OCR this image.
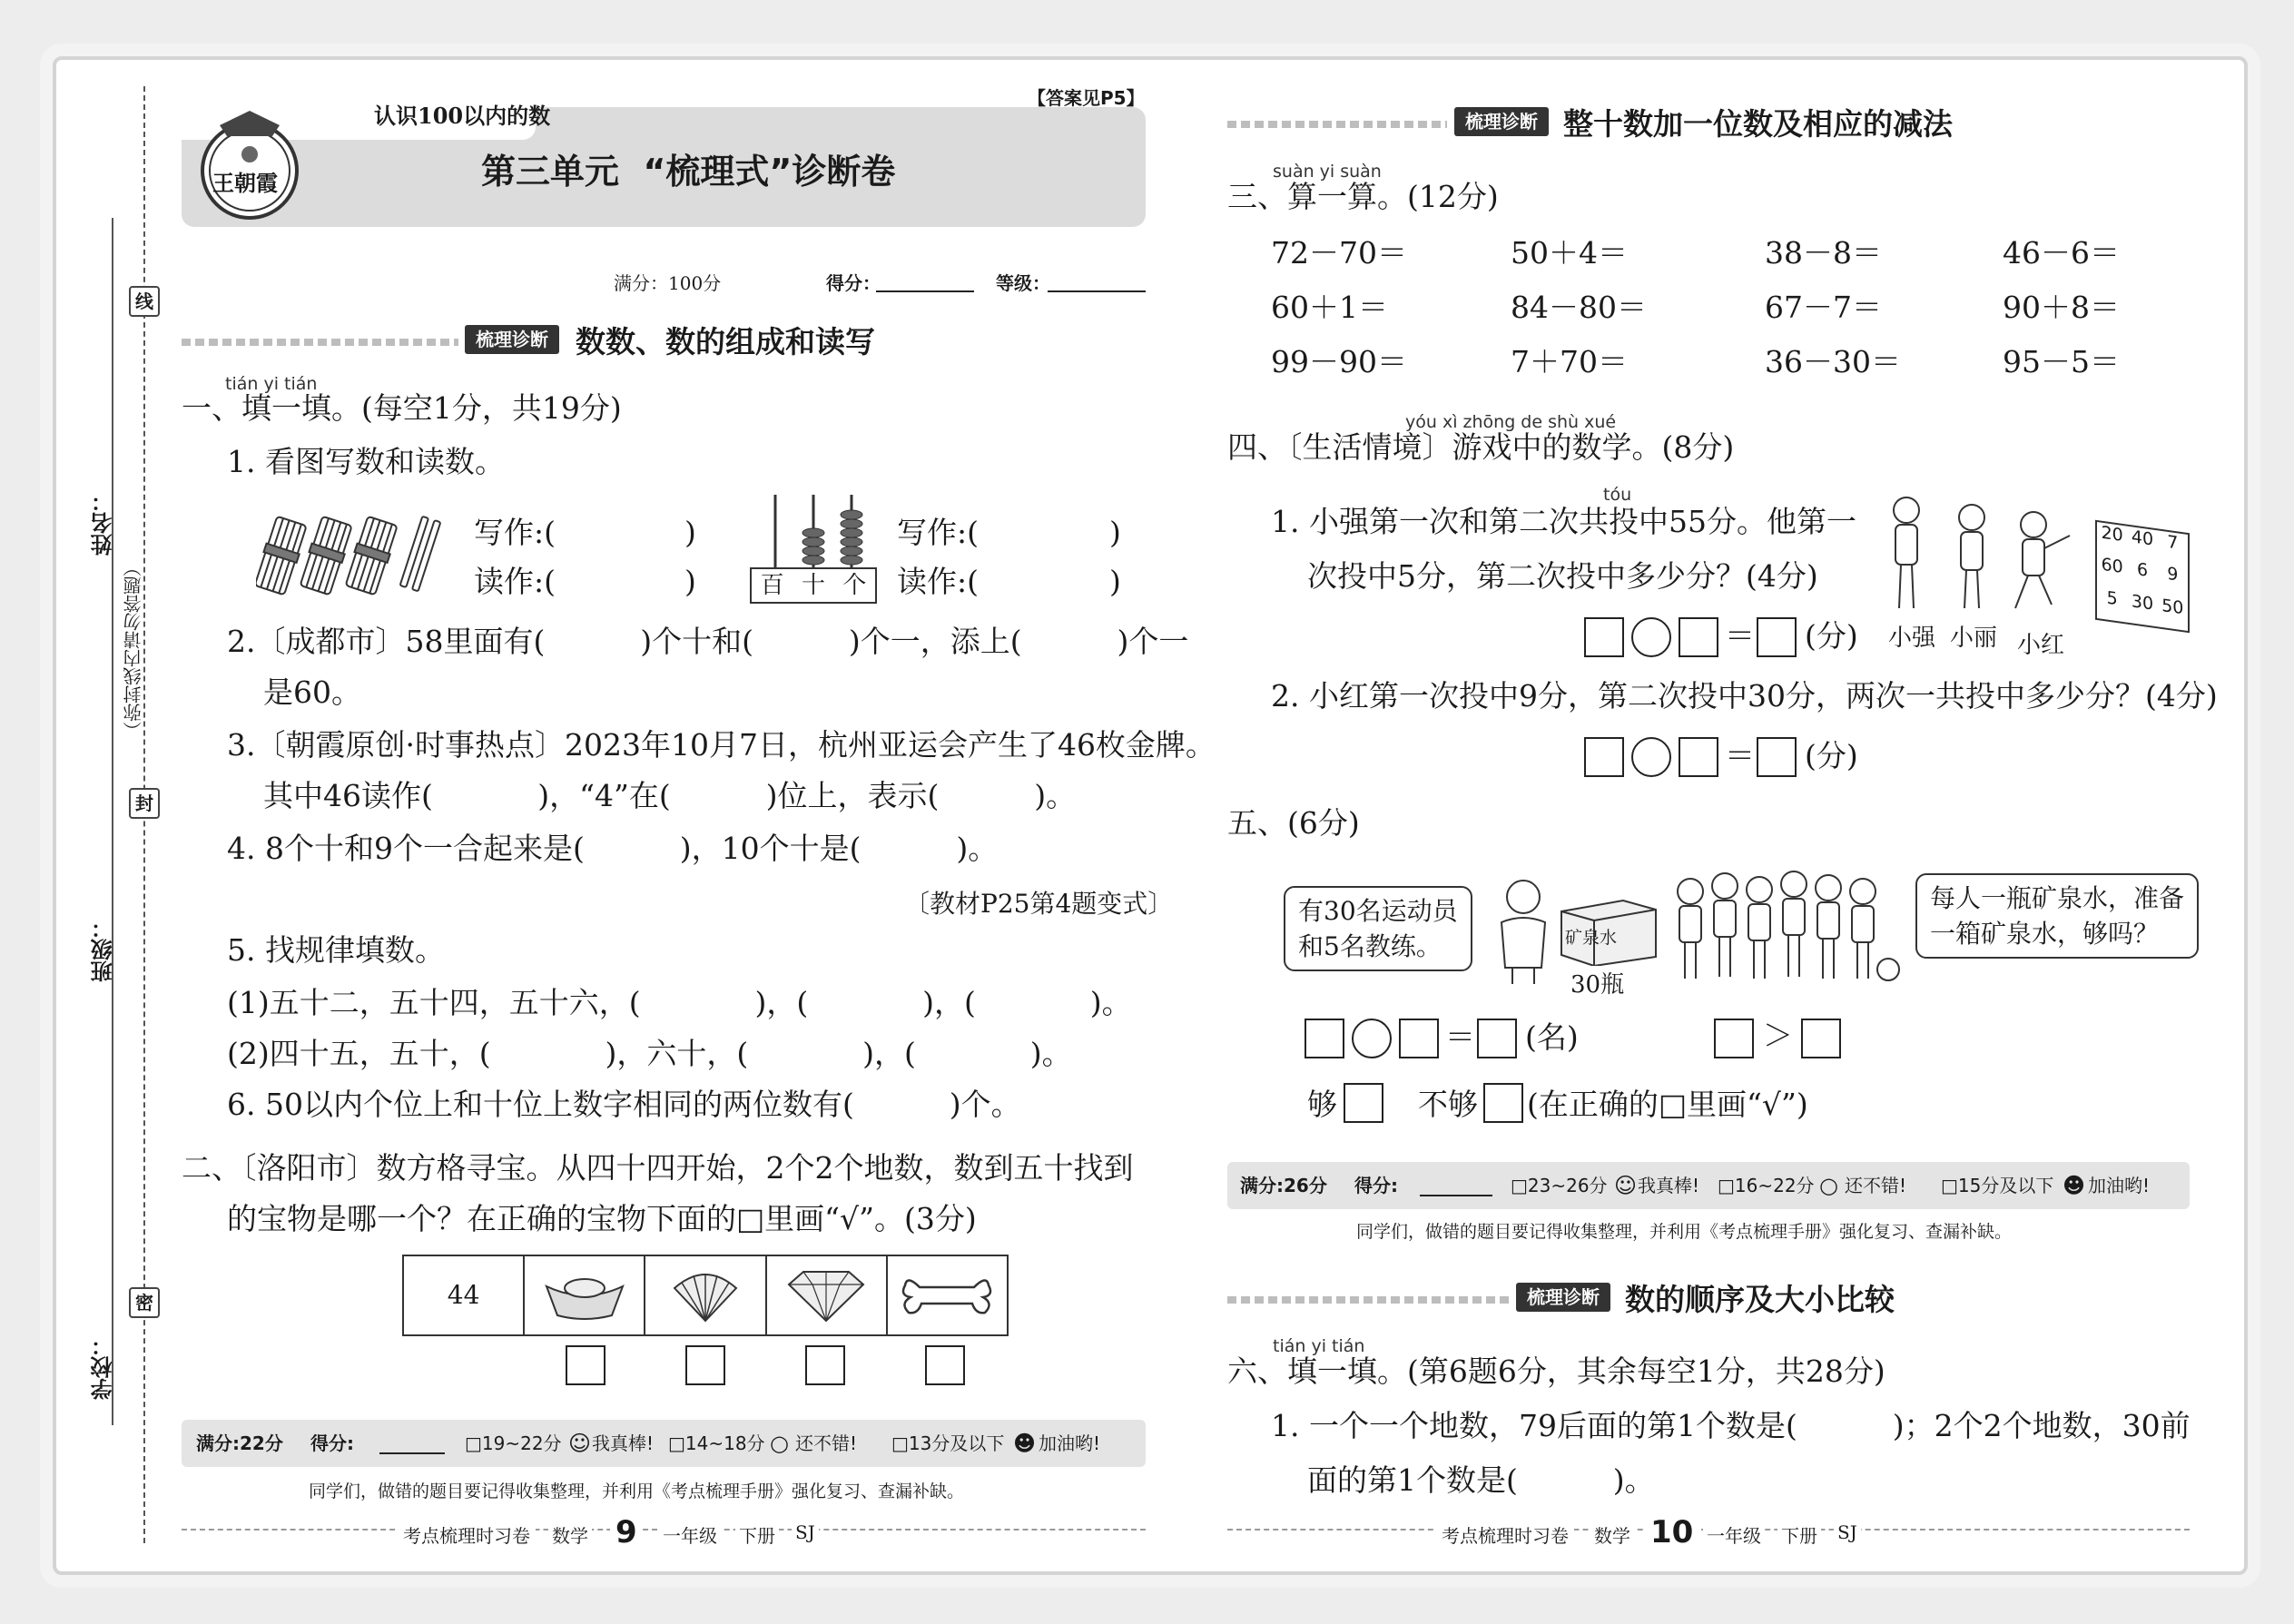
线
封
密
姓名：
班级：
学校：
（弥封线内请勿答题）
王朝霞
认识100以内的数
【答案见P5】
第三单元  “梳理式”诊断卷
满分：100分	得分：	等级：
梳理诊断 数数、数的组成和读写
tián yi tián
一、填一填。(每空1分，共19分)
1. 看图写数和读数。
写作:(	)
读作:(	)	百 十 个
写作:(	)
读作:(	)
2.〔成都市〕58里面有(          )个十和(          )个一，添上(          )个一
是60。
3.〔朝霞原创·时事热点〕2023年10月7日，杭州亚运会产生了46枚金牌。
其中46读作(           )，“4”在(          )位上，表示(          )。
4. 8个十和9个一合起来是(          )，10个十是(          )。
〔教材P25第4题变式〕
5. 找规律填数。
(1)五十二，五十四，五十六，(            )，(            )，(            )。
(2)四十五，五十，(            )，六十，(            )，(            )。
6. 50以内个位上和十位上数字相同的两位数有(          )个。
二、〔洛阳市〕数方格寻宝。从四十四开始，2个2个地数，数到五十找到
的宝物是哪一个？在正确的宝物下面的□里画“√”。(3分)
44
满分:22分 得分:	□19~22分 ☺ 我真棒! □14~18分 ○ 还不错! □13分及以下 ☻ 加油哟!
同学们，做错的题目要记得收集整理，并利用《考点梳理手册》强化复习、查漏补缺。
考点梳理时习卷	数学 9	一年级 下册 SJ
梳理诊断 整十数加一位数及相应的减法
suàn yi suàn
三、算一算。(12分)
72－70＝	50＋4＝	38－8＝	46－6＝
60＋1＝	84－80＝	67－7＝	90＋8＝
99－90＝	7＋70＝	36－30＝	95－5＝
yóu xì zhōng de shù xué
四、〔生活情境〕游戏中的数学。(8分)
tóu
1. 小强第一次和第二次共投中55分。他第一
次投中5分，第二次投中多少分？(4分)
＝ (分)
20 40 7
60 6	9
5 30 50
小强 小丽 小红
2. 小红第一次投中9分，第二次投中30分，两次一共投中多少分？(4分)
＝ (分)
五、(6分)
有30名运动员
和5名教练。	矿泉水
30瓶
每人一瓶矿泉水，准备
一箱矿泉水，够吗？
＝ (名)	＞
够	不够 (在正确的□里画“√”)
满分:26分 得分:	□23~26分 ☺ 我真棒! □16~22分 ○ 还不错! □15分及以下 ☻ 加油哟!
同学们，做错的题目要记得收集整理，并利用《考点梳理手册》强化复习、查漏补缺。
梳理诊断 数的顺序及大小比较
tián yi tián
六、填一填。(第6题6分，其余每空1分，共28分)
1. 一个一个地数，79后面的第1个数是(          )；2个2个地数，30前
面的第1个数是(          )。
考点梳理时习卷	数学 10 一年级 下册 SJ
